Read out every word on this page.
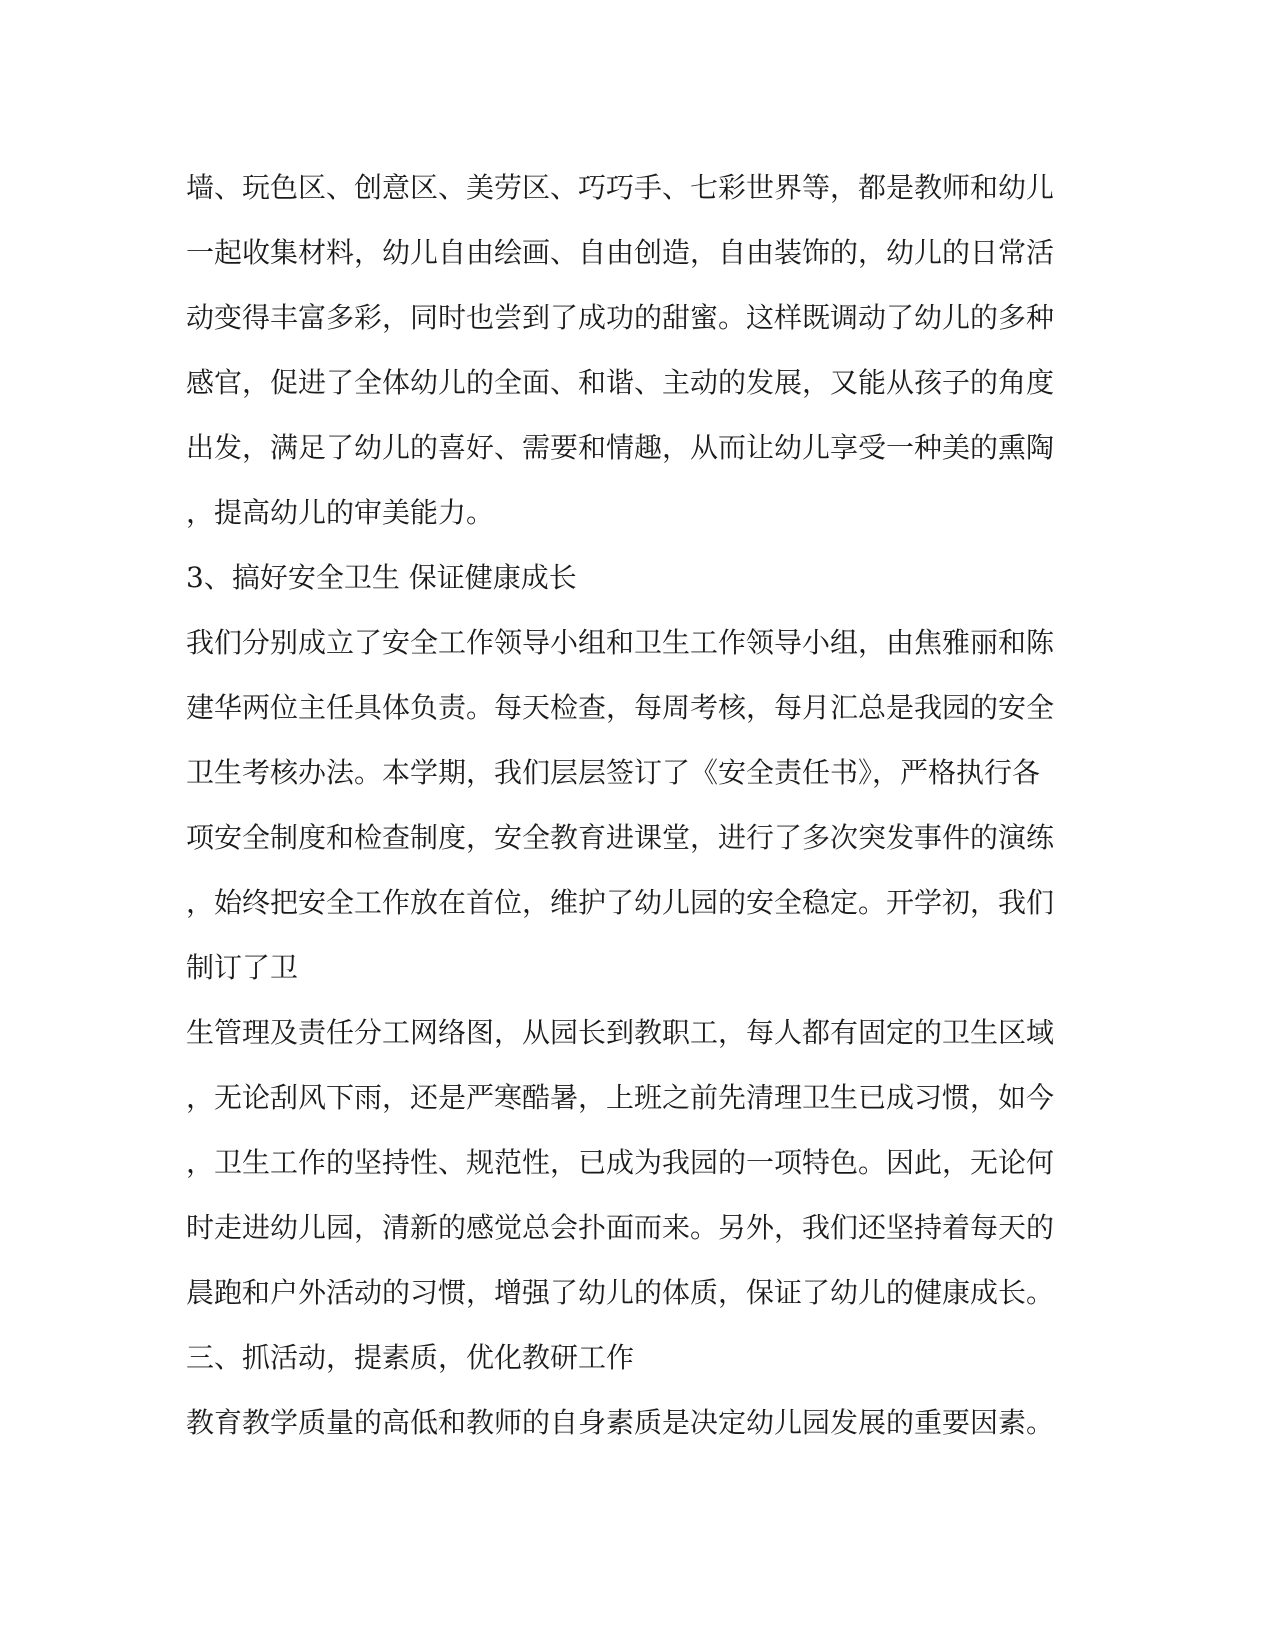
墙、玩色区、创意区、美劳区、巧巧手、七彩世界等，都是教师和幼儿
一起收集材料，幼儿自由绘画、自由创造，自由装饰的，幼儿的日常活
动变得丰富多彩，同时也尝到了成功的甜蜜。这样既调动了幼儿的多种
感官，促进了全体幼儿的全面、和谐、主动的发展，又能从孩子的角度
出发，满足了幼儿的喜好、需要和情趣，从而让幼儿享受一种美的熏陶
，提高幼儿的审美能力。
3、搞好安全卫生 保证健康成长
我们分别成立了安全工作领导小组和卫生工作领导小组，由焦雅丽和陈
建华两位主任具体负责。每天检查，每周考核，每月汇总是我园的安全
卫生考核办法。本学期，我们层层签订了《安全责任书》，严格执行各
项安全制度和检查制度，安全教育进课堂，进行了多次突发事件的演练
，始终把安全工作放在首位，维护了幼儿园的安全稳定。开学初，我们
制订了卫
生管理及责任分工网络图，从园长到教职工，每人都有固定的卫生区域
，无论刮风下雨，还是严寒酷暑，上班之前先清理卫生已成习惯，如今
，卫生工作的坚持性、规范性，已成为我园的一项特色。因此，无论何
时走进幼儿园，清新的感觉总会扑面而来。另外，我们还坚持着每天的
晨跑和户外活动的习惯，增强了幼儿的体质，保证了幼儿的健康成长。
三、抓活动，提素质，优化教研工作
教育教学质量的高低和教师的自身素质是决定幼儿园发展的重要因素。
